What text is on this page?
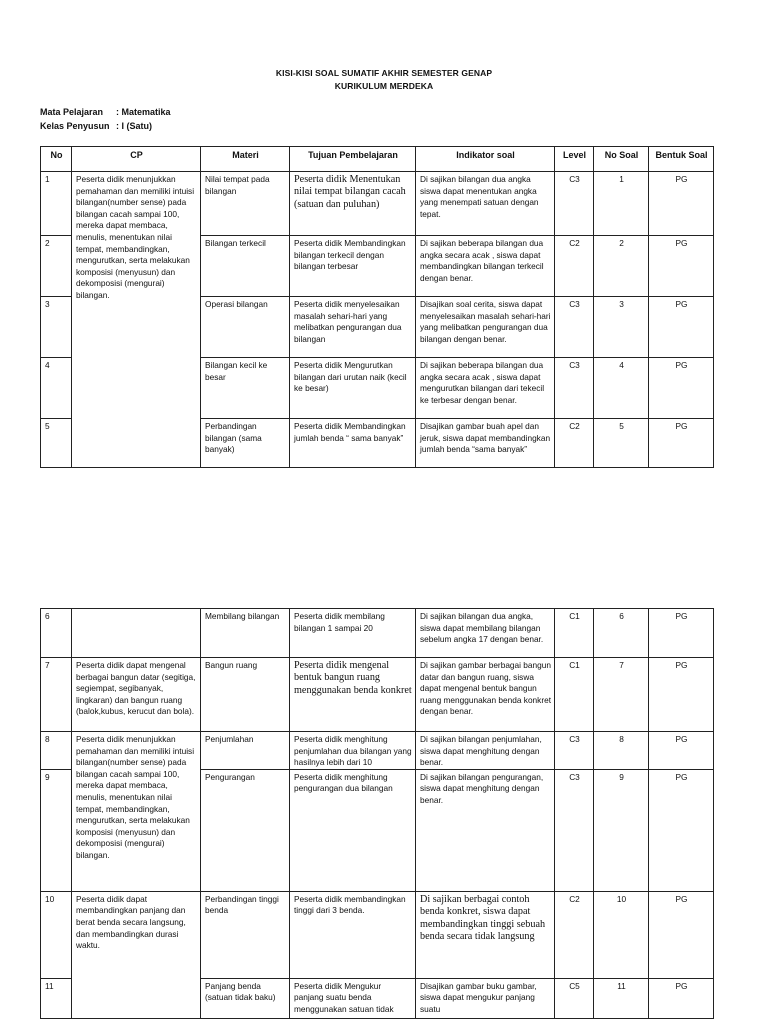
KISI-KISI SOAL SUMATIF AKHIR SEMESTER GENAP
KURIKULUM MERDEKA
Mata Pelajaran : Matematika
Kelas Penyusun : I (Satu)
No	CP	Materi	Tujuan Pembelajaran	Indikator soal	Level	No Soal	Bentuk Soal
1	Peserta didik menunjukkan pemahaman dan memiliki intuisi bilangan(number sense) pada bilangan cacah sampai 100, mereka dapat membaca, menulis, menentukan nilai tempat, membandingkan, mengurutkan, serta melakukan komposisi (menyusun) dan dekomposisi (mengurai) bilangan.	Nilai tempat pada bilangan	Peserta didik Menentukan nilai tempat bilangan cacah (satuan dan puluhan)	Di sajikan bilangan dua angka siswa dapat menentukan angka yang menempati satuan dengan tepat.	C3	1	PG
2		Bilangan terkecil	Peserta didik Membandingkan bilangan terkecil dengan bilangan terbesar	Di sajikan beberapa bilangan dua angka secara acak , siswa dapat membandingkan bilangan terkecil dengan benar.	C2	2	PG
3		Operasi bilangan	Peserta didik menyelesaikan masalah sehari-hari yang melibatkan pengurangan dua bilangan	Disajikan soal cerita, siswa dapat menyelesaikan masalah sehari-hari yang melibatkan pengurangan dua bilangan dengan benar.	C3	3	PG
4		Bilangan kecil ke besar	Peserta didik Mengurutkan bilangan dari urutan naik (kecil ke besar)	Di sajikan beberapa bilangan dua angka secara acak , siswa dapat mengurutkan bilangan dari tekecil ke terbesar dengan benar.	C3	4	PG
5		Perbandingan bilangan (sama banyak)	Peserta didik Membandingkan jumlah benda “ sama banyak”	Disajikan gambar buah apel dan jeruk, siswa dapat membandingkan jumlah benda “sama banyak”	C2	5	PG
6		Membilang bilangan	Peserta didik membilang bilangan 1 sampai 20	Di sajikan bilangan dua angka, siswa dapat membilang bilangan sebelum angka 17 dengan benar.	C1	6	PG
7	Peserta didik dapat mengenal berbagai bangun datar (segitiga, segiempat, segibanyak, lingkaran) dan bangun ruang (balok,kubus, kerucut dan bola).	Bangun ruang	Peserta didik mengenal bentuk bangun ruang menggunakan benda konkret	Di sajikan gambar berbagai bangun datar dan bangun ruang, siswa dapat mengenal bentuk bangun ruang menggunakan benda konkret dengan benar.	C1	7	PG
8	Peserta didik menunjukkan pemahaman dan memiliki intuisi bilangan(number sense) pada bilangan cacah sampai 100, mereka dapat membaca, menulis, menentukan nilai tempat, membandingkan, mengurutkan, serta melakukan komposisi (menyusun) dan dekomposisi (mengurai) bilangan.	Penjumlahan	Peserta didik menghitung penjumlahan dua bilangan yang hasilnya lebih dari 10	Di sajikan bilangan penjumlahan, siswa dapat menghitung dengan benar.	C3	8	PG
9		Pengurangan	Peserta didik menghitung pengurangan dua bilangan	Di sajikan bilangan pengurangan, siswa dapat menghitung dengan benar.	C3	9	PG
10	Peserta didik dapat membandingkan panjang dan berat benda secara langsung, dan membandingkan durasi waktu.	Perbandingan tinggi benda	Peserta didik membandingkan tinggi dari 3 benda.	Di sajikan berbagai contoh benda konkret, siswa dapat membandingkan tinggi sebuah benda secara tidak langsung	C2	10	PG
11		Panjang benda (satuan tidak baku)	Peserta didik Mengukur panjang suatu benda menggunakan satuan tidak	Disajikan gambar buku gambar, siswa dapat mengukur panjang suatu	C5	11	PG
